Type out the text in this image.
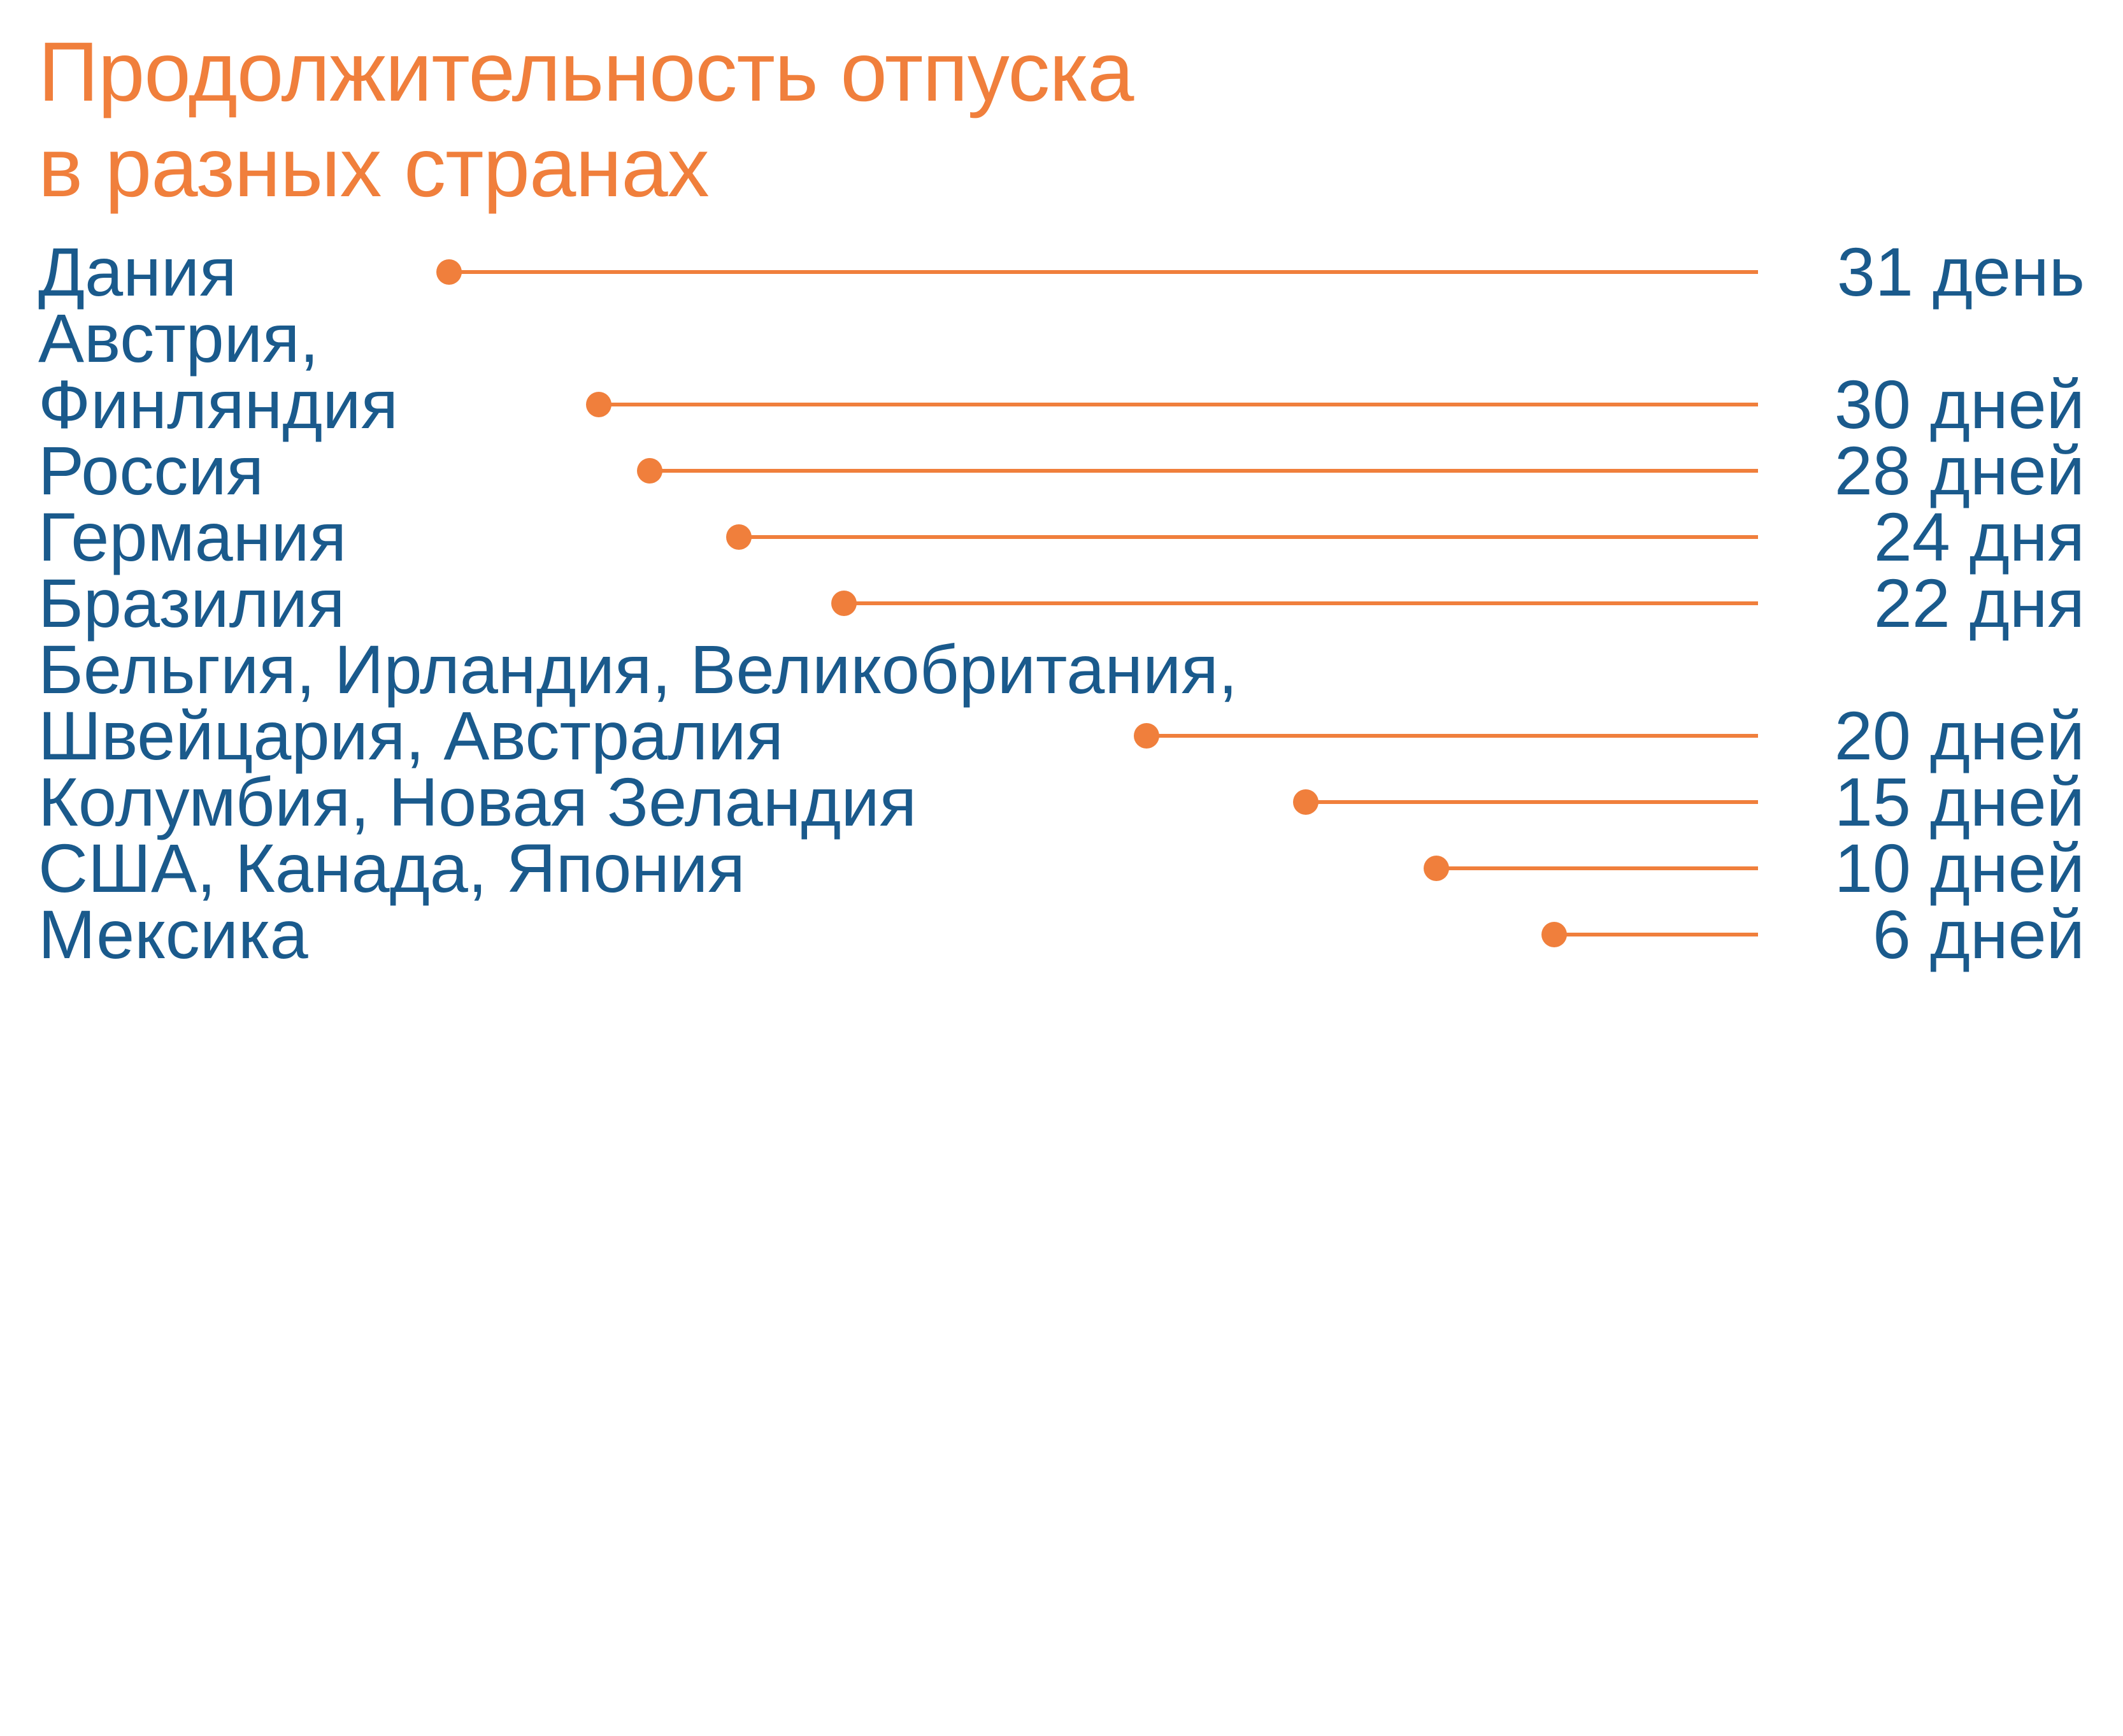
Продолжительность отпуска
в разных странах
Дания	31 день
Австрия,
Финляндия	30 дней
Россия	28 дней
Германия	24 дня
Бразилия	22 дня
Бельгия, Ирландия, Великобритания,
Швейцария, Австралия	20 дней
Колумбия, Новая Зеландия	15 дней
США, Канада, Япония	10 дней
Мексика	6 дней
